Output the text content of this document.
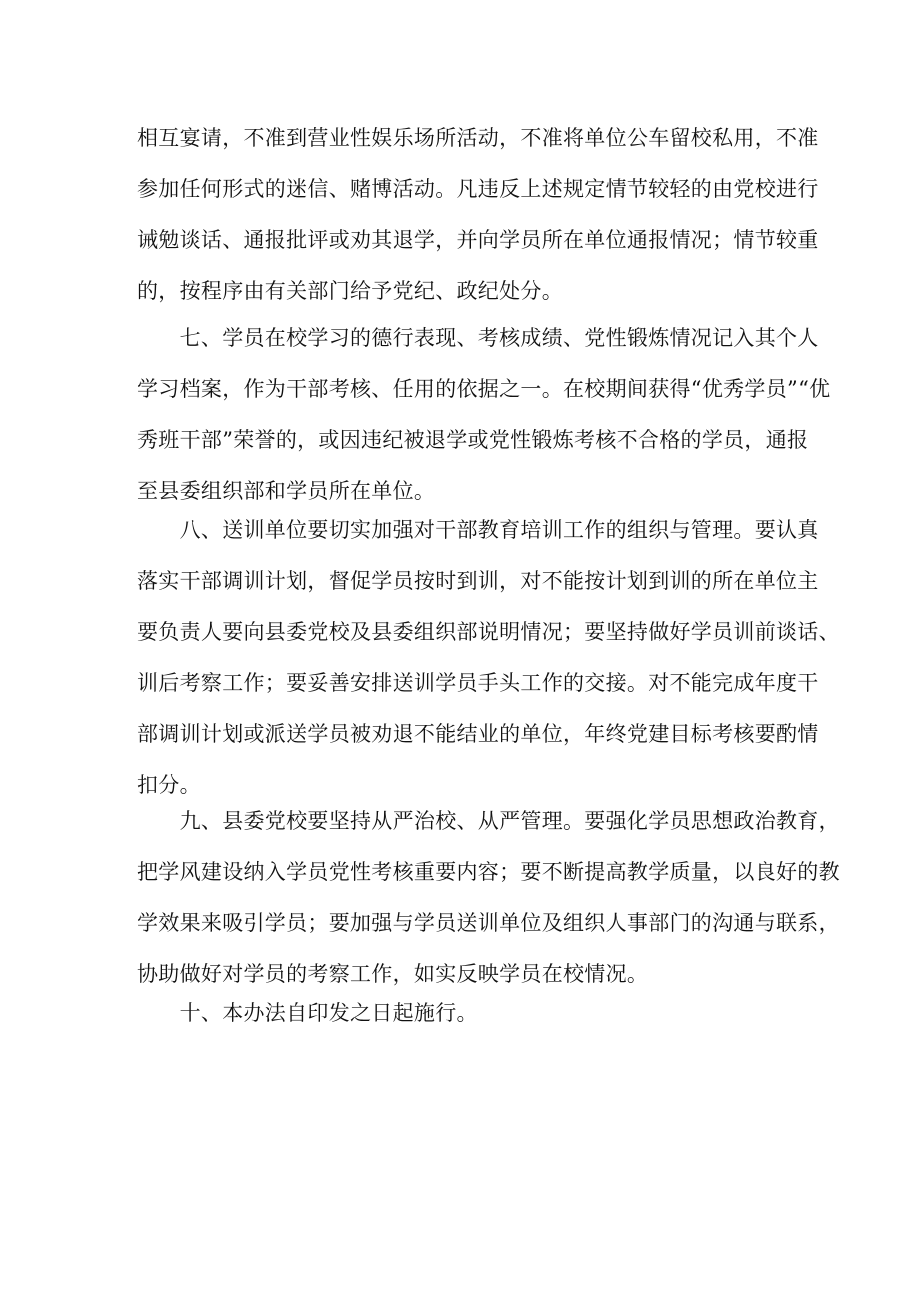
相互宴请，不准到营业性娱乐场所活动，不准将单位公车留校私用，不准
参加任何形式的迷信、赌博活动。凡违反上述规定情节较轻的由党校进行
诫勉谈话、通报批评或劝其退学，并向学员所在单位通报情况；情节较重
的，按程序由有关部门给予党纪、政纪处分。
　　七、学员在校学习的德行表现、考核成绩、党性锻炼情况记入其个人
学习档案，作为干部考核、任用的依据之一。在校期间获得“优秀学员”“优
秀班干部”荣誉的，或因违纪被退学或党性锻炼考核不合格的学员，通报
至县委组织部和学员所在单位。
　　八、送训单位要切实加强对干部教育培训工作的组织与管理。要认真
落实干部调训计划，督促学员按时到训，对不能按计划到训的所在单位主
要负责人要向县委党校及县委组织部说明情况；要坚持做好学员训前谈话、
训后考察工作；要妥善安排送训学员手头工作的交接。对不能完成年度干
部调训计划或派送学员被劝退不能结业的单位，年终党建目标考核要酌情
扣分。
　　九、县委党校要坚持从严治校、从严管理。要强化学员思想政治教育，
把学风建设纳入学员党性考核重要内容；要不断提高教学质量，以良好的教
学效果来吸引学员；要加强与学员送训单位及组织人事部门的沟通与联系，
协助做好对学员的考察工作，如实反映学员在校情况。
　　十、本办法自印发之日起施行。
